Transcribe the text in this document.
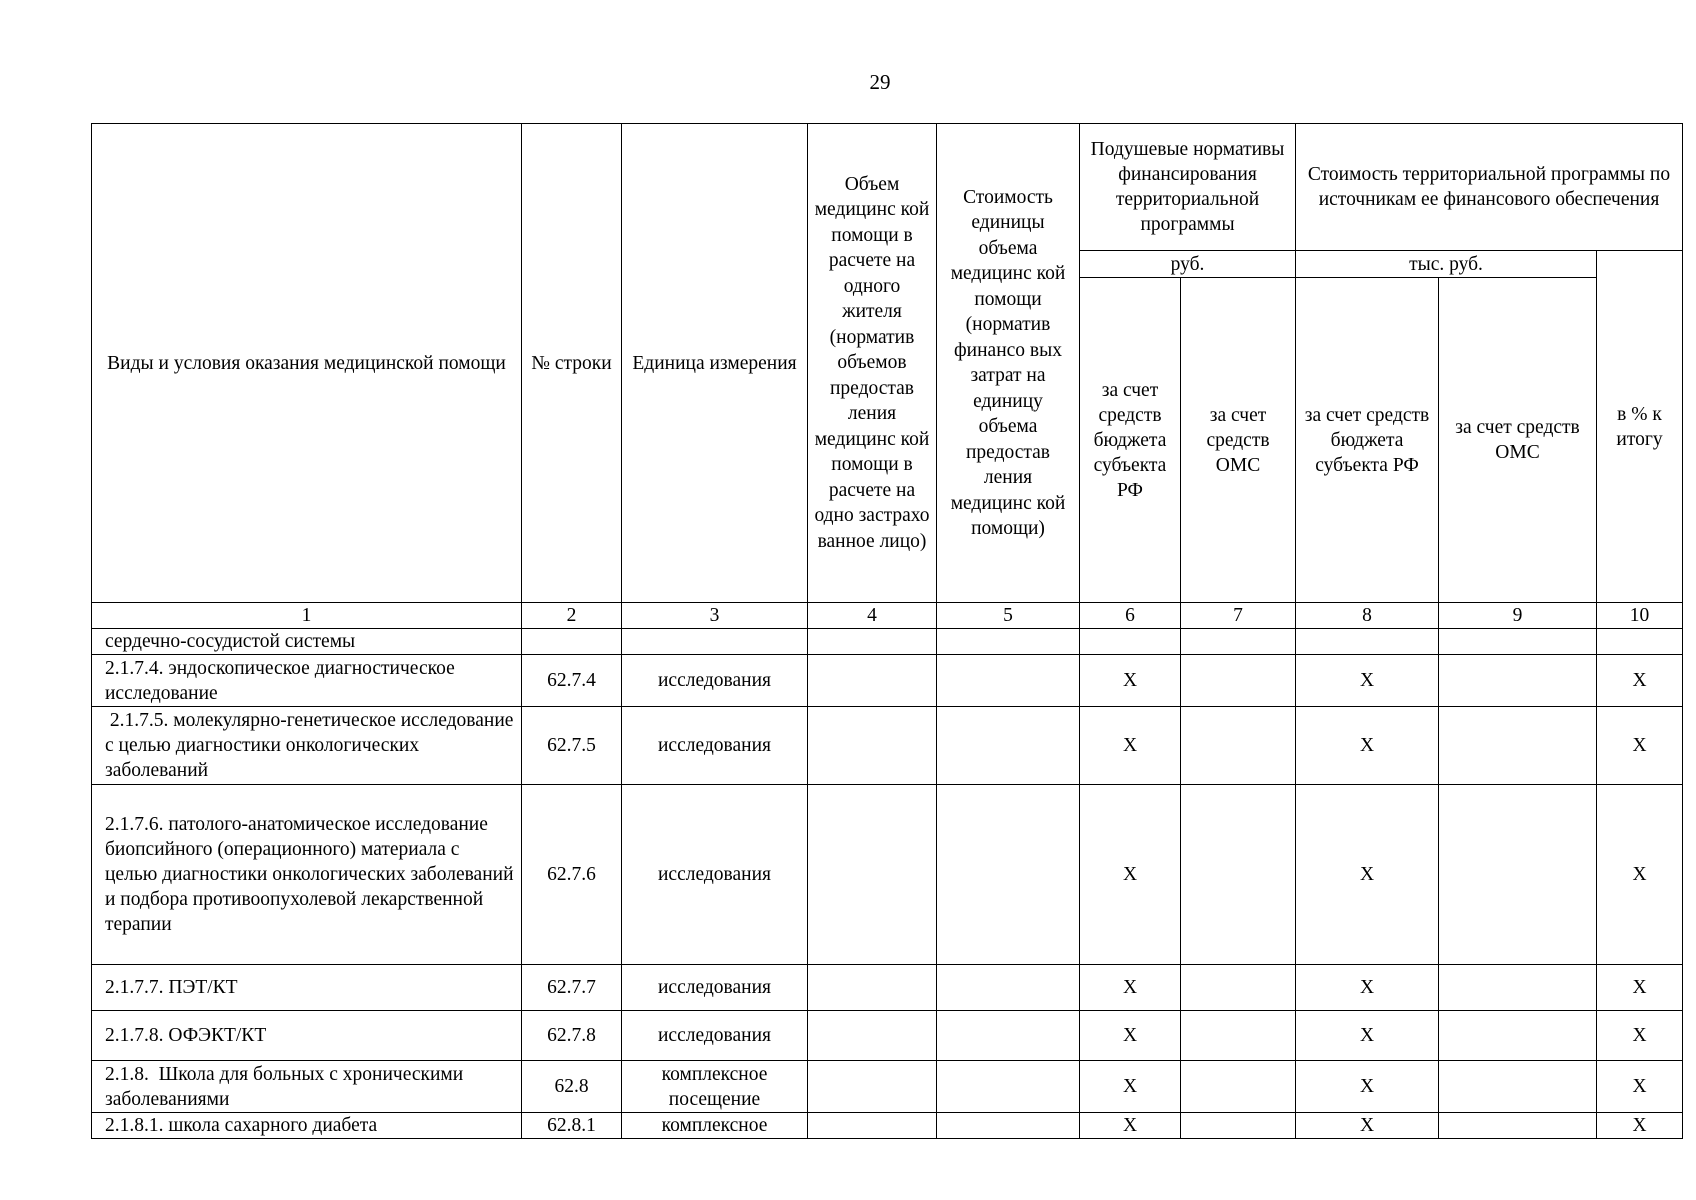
29
Виды и условия оказания медицинской помощи	№ строки	Единица измерения	Объем медицинс кой помощи в расчете на одного жителя (норматив объемов предостав ления медицинс кой помощи в расчете на одно застрахо ванное лицо)	Стоимость единицы объема медицинс кой помощи (норматив финансо вых затрат на единицу объема предостав ления медицинс кой помощи)	Подушевые нормативы финансирования территориальной программы		Стоимость территориальной программы по источникам ее финансового обеспечения		
					руб.		тыс. руб.		в % к итогу
					за счет средств бюджета субъекта РФ	за счет средств ОМС	за счет средств бюджета субъекта РФ	за счет средств ОМС	
1	2	3	4	5	6	7	8	9	10
сердечно-сосудистой системы									
2.1.7.4. эндоскопическое диагностическое исследование	62.7.4	исследования			X		X		X
2.1.7.5. молекулярно-генетическое исследование с целью диагностики онкологических заболеваний	62.7.5	исследования			X		X		X
2.1.7.6. патолого-анатомическое исследование биопсийного (операционного) материала с целью диагностики онкологических заболеваний и подбора противоопухолевой лекарственной терапии	62.7.6	исследования			X		X		X
2.1.7.7. ПЭТ/КТ	62.7.7	исследования			X		X		X
2.1.7.8. ОФЭКТ/КТ	62.7.8	исследования			X		X		X
2.1.8.  Школа для больных с хроническими заболеваниями	62.8	комплексное посещение			X		X		X
2.1.8.1. школа сахарного диабета	62.8.1	комплексное			X		X		X
